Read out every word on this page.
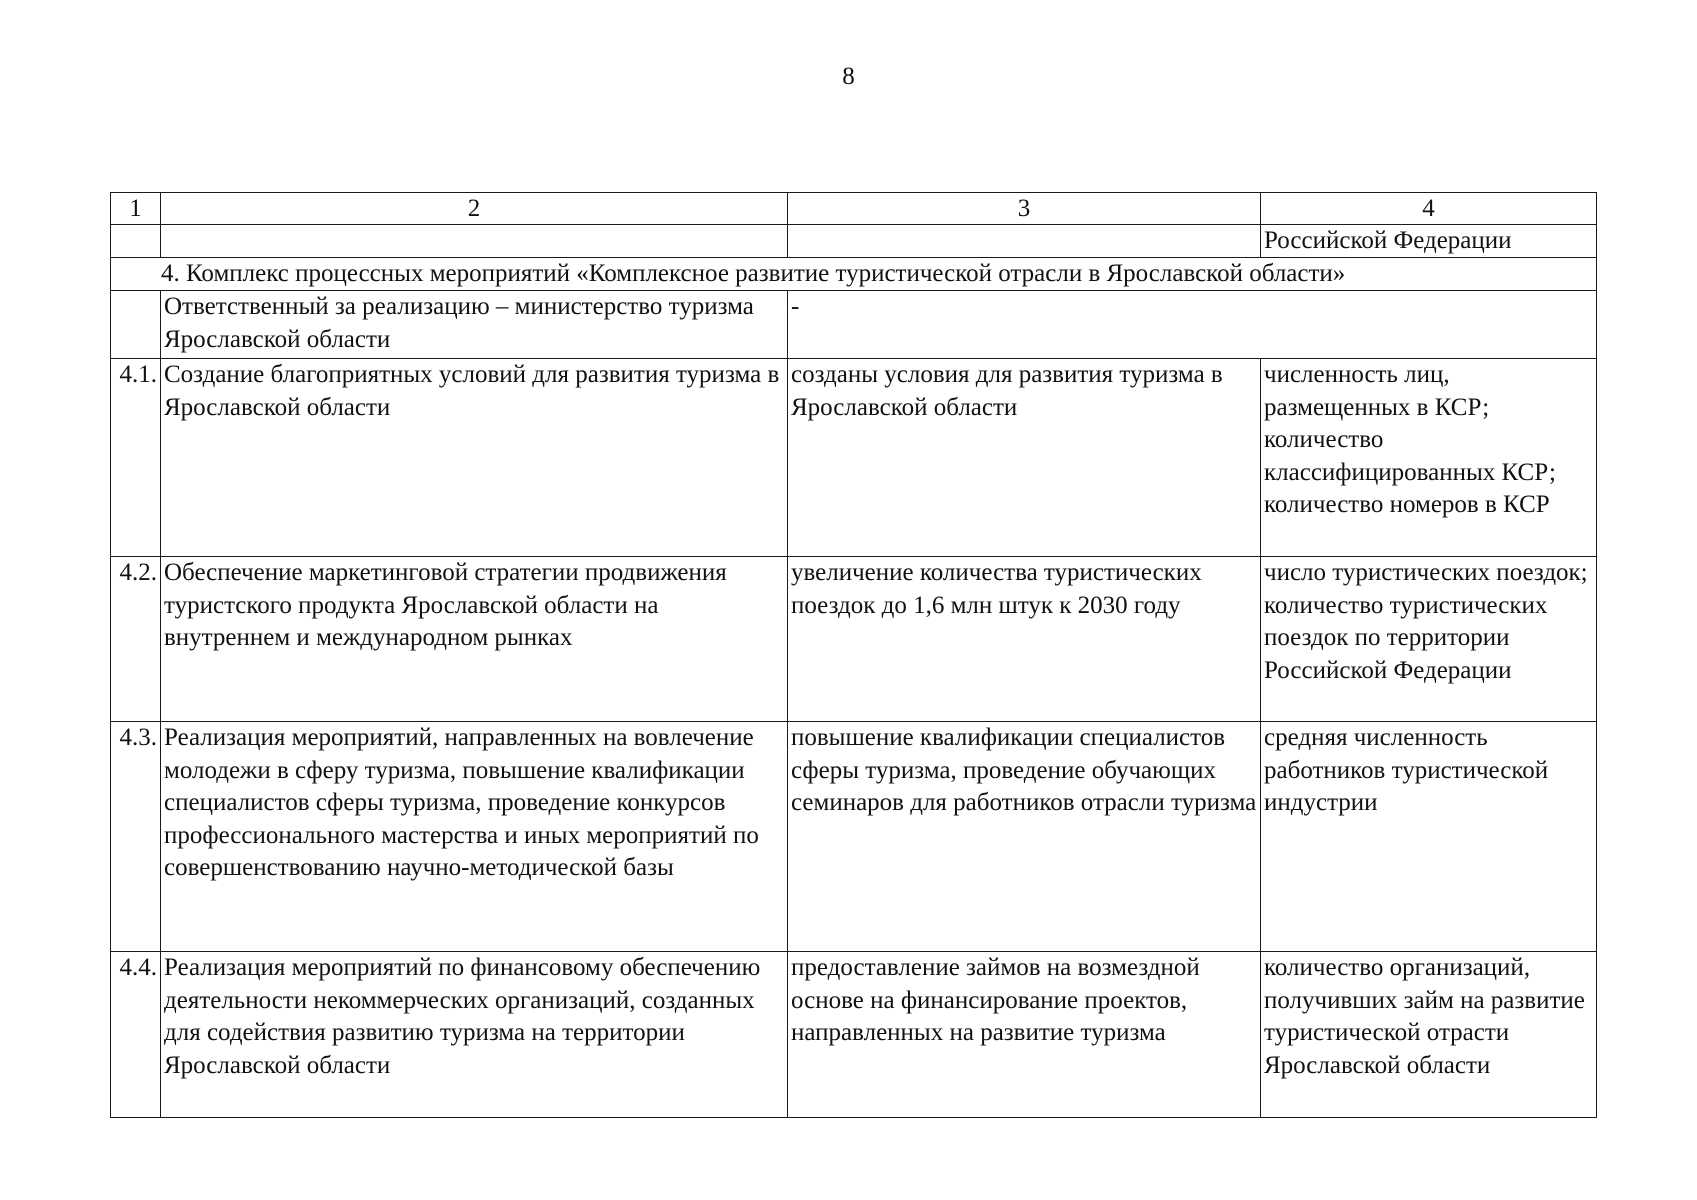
8
1	2	3	4
			Российской Федерации
4. Комплекс процессных мероприятий «Комплексное развитие туристической отрасли в Ярославской области»			
	Ответственный за реализацию – министерство туризма Ярославской области	-	
4.1.	Создание благоприятных условий для развития туризма в Ярославской области	созданы условия для развития туризма в Ярославской области	численность лиц, размещенных в КСР; количество классифицированных КСР; количество номеров в КСР
4.2.	Обеспечение маркетинговой стратегии продвижения туристского продукта Ярославской области на внутреннем и международном рынках	увеличение количества туристических поездок до 1,6 млн штук к 2030 году	число туристических поездок; количество туристических поездок по территории Российской Федерации
4.3.	Реализация мероприятий, направленных на вовлечение молодежи в сферу туризма, повышение квалификации специалистов сферы туризма, проведение конкурсов профессионального мастерства и иных мероприятий по совершенствованию научно-методической базы	повышение квалификации специалистов сферы туризма, проведение обучающих семинаров для работников отрасли туризма	средняя численность работников туристической индустрии
4.4.	Реализация мероприятий по финансовому обеспечению деятельности некоммерческих организаций, созданных для содействия развитию туризма на территории Ярославской области	предоставление займов на возмездной основе на финансирование проектов, направленных на развитие туризма	количество организаций, получивших займ на развитие туристической отрасти Ярославской области
